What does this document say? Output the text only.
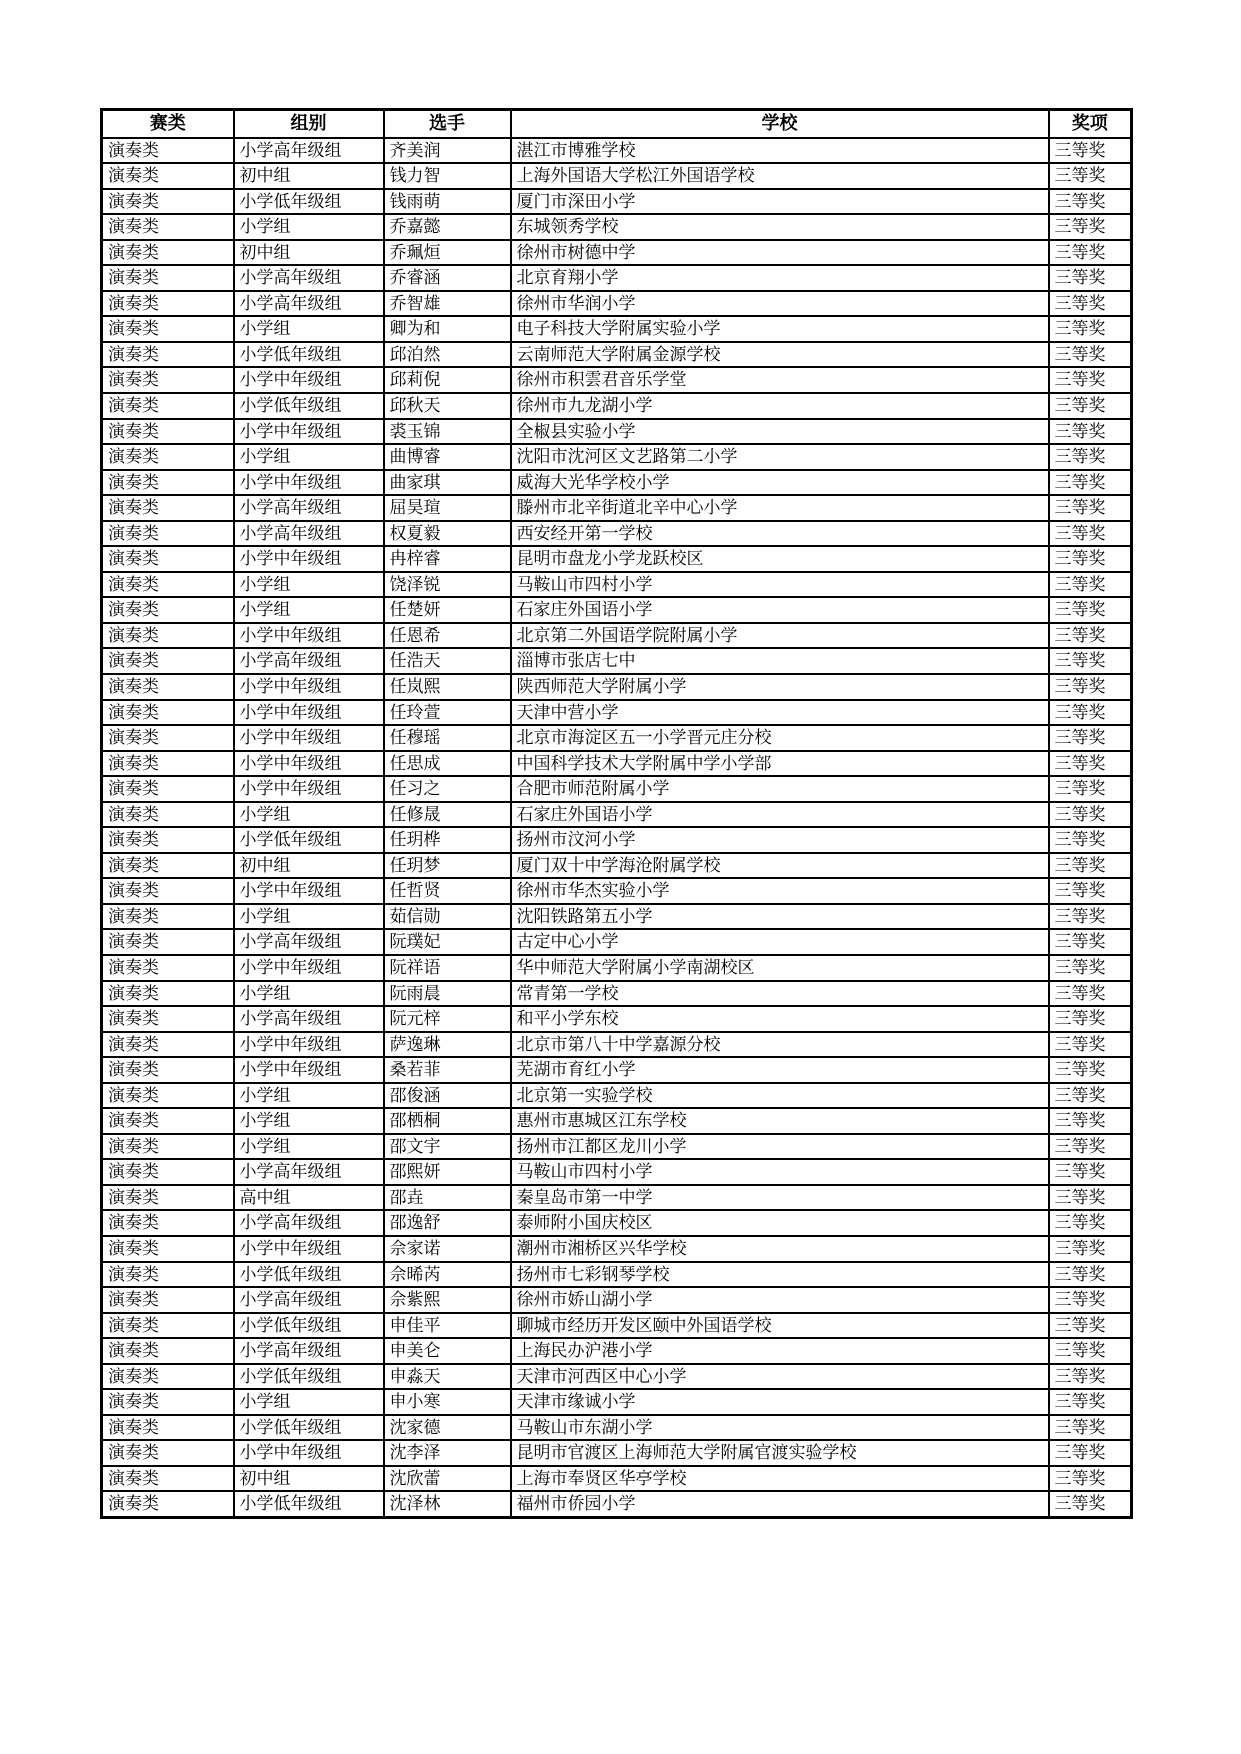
赛类	组别	选手	学校	奖项
演奏类	小学高年级组	齐美润	湛江市博雅学校	三等奖
演奏类	初中组	钱力智	上海外国语大学松江外国语学校	三等奖
演奏类	小学低年级组	钱雨萌	厦门市深田小学	三等奖
演奏类	小学组	乔嘉懿	东城领秀学校	三等奖
演奏类	初中组	乔珮烜	徐州市树德中学	三等奖
演奏类	小学高年级组	乔睿涵	北京育翔小学	三等奖
演奏类	小学高年级组	乔智雄	徐州市华润小学	三等奖
演奏类	小学组	卿为和	电子科技大学附属实验小学	三等奖
演奏类	小学低年级组	邱泊然	云南师范大学附属金源学校	三等奖
演奏类	小学中年级组	邱莉倪	徐州市积雲君音乐学堂	三等奖
演奏类	小学低年级组	邱秋天	徐州市九龙湖小学	三等奖
演奏类	小学中年级组	裘玉锦	全椒县实验小学	三等奖
演奏类	小学组	曲博睿	沈阳市沈河区文艺路第二小学	三等奖
演奏类	小学中年级组	曲家琪	威海大光华学校小学	三等奖
演奏类	小学高年级组	屈昊瑄	滕州市北辛街道北辛中心小学	三等奖
演奏类	小学高年级组	权夏毅	西安经开第一学校	三等奖
演奏类	小学中年级组	冉梓睿	昆明市盘龙小学龙跃校区	三等奖
演奏类	小学组	饶泽锐	马鞍山市四村小学	三等奖
演奏类	小学组	任楚妍	石家庄外国语小学	三等奖
演奏类	小学中年级组	任恩希	北京第二外国语学院附属小学	三等奖
演奏类	小学高年级组	任浩天	淄博市张店七中	三等奖
演奏类	小学中年级组	任岚熙	陕西师范大学附属小学	三等奖
演奏类	小学中年级组	任玲萱	天津中营小学	三等奖
演奏类	小学中年级组	任穆瑶	北京市海淀区五一小学晋元庄分校	三等奖
演奏类	小学中年级组	任思成	中国科学技术大学附属中学小学部	三等奖
演奏类	小学中年级组	任习之	合肥市师范附属小学	三等奖
演奏类	小学组	任修晟	石家庄外国语小学	三等奖
演奏类	小学低年级组	任玥桦	扬州市汶河小学	三等奖
演奏类	初中组	任玥梦	厦门双十中学海沧附属学校	三等奖
演奏类	小学中年级组	任哲贤	徐州市华杰实验小学	三等奖
演奏类	小学组	茹信勋	沈阳铁路第五小学	三等奖
演奏类	小学高年级组	阮璞妃	古定中心小学	三等奖
演奏类	小学中年级组	阮祥语	华中师范大学附属小学南湖校区	三等奖
演奏类	小学组	阮雨晨	常青第一学校	三等奖
演奏类	小学高年级组	阮元梓	和平小学东校	三等奖
演奏类	小学中年级组	萨逸琳	北京市第八十中学嘉源分校	三等奖
演奏类	小学中年级组	桑若菲	芜湖市育红小学	三等奖
演奏类	小学组	邵俊涵	北京第一实验学校	三等奖
演奏类	小学组	邵栖桐	惠州市惠城区江东学校	三等奖
演奏类	小学组	邵文宇	扬州市江都区龙川小学	三等奖
演奏类	小学高年级组	邵熙妍	马鞍山市四村小学	三等奖
演奏类	高中组	邵垚	秦皇岛市第一中学	三等奖
演奏类	小学高年级组	邵逸舒	泰师附小国庆校区	三等奖
演奏类	小学中年级组	佘家诺	潮州市湘桥区兴华学校	三等奖
演奏类	小学低年级组	佘晞芮	扬州市七彩钢琴学校	三等奖
演奏类	小学高年级组	佘紫熙	徐州市娇山湖小学	三等奖
演奏类	小学低年级组	申佳平	聊城市经历开发区颐中外国语学校	三等奖
演奏类	小学高年级组	申美仑	上海民办沪港小学	三等奖
演奏类	小学低年级组	申淼天	天津市河西区中心小学	三等奖
演奏类	小学组	申小寒	天津市缘诚小学	三等奖
演奏类	小学低年级组	沈家德	马鞍山市东湖小学	三等奖
演奏类	小学中年级组	沈李泽	昆明市官渡区上海师范大学附属官渡实验学校	三等奖
演奏类	初中组	沈欣蕾	上海市奉贤区华亭学校	三等奖
演奏类	小学低年级组	沈泽林	福州市侨园小学	三等奖
